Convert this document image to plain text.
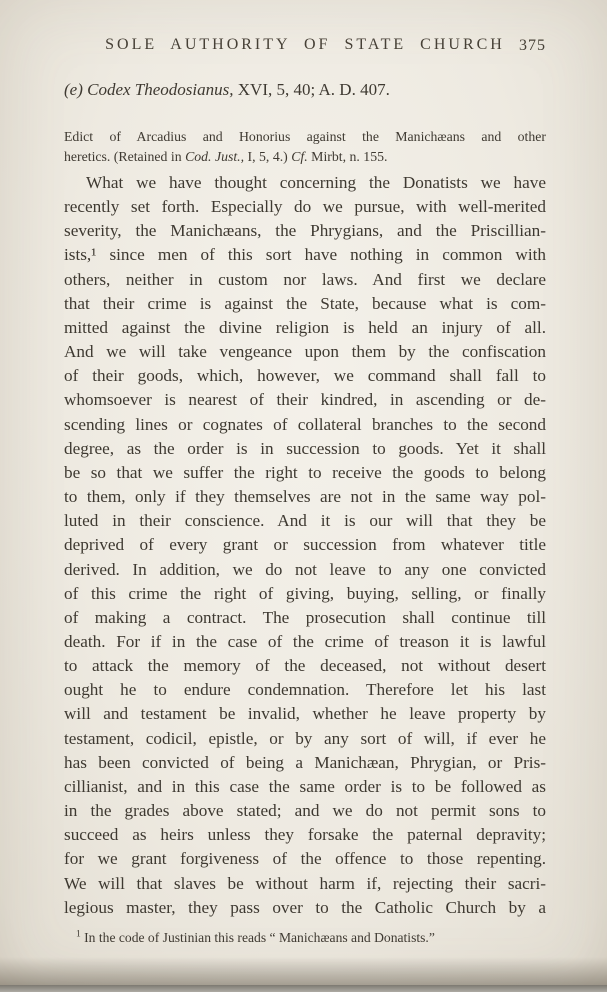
SOLE AUTHORITY OF STATE CHURCH 375
(e) Codex Theodosianus, XVI, 5, 40; A. D. 407.
Edict of Arcadius and Honorius against the Manichæans and other
heretics. (Retained in Cod. Just., I, 5, 4.) Cf. Mirbt, n. 155.
What we have thought concerning the Donatists we have
recently set forth. Especially do we pursue, with well-merited
severity, the Manichæans, the Phrygians, and the Priscillian-
ists,¹ since men of this sort have nothing in common with
others, neither in custom nor laws. And first we declare
that their crime is against the State, because what is com-
mitted against the divine religion is held an injury of all.
And we will take vengeance upon them by the confiscation
of their goods, which, however, we command shall fall to
whomsoever is nearest of their kindred, in ascending or de-
scending lines or cognates of collateral branches to the second
degree, as the order is in succession to goods. Yet it shall
be so that we suffer the right to receive the goods to belong
to them, only if they themselves are not in the same way pol-
luted in their conscience. And it is our will that they be
deprived of every grant or succession from whatever title
derived. In addition, we do not leave to any one convicted
of this crime the right of giving, buying, selling, or finally
of making a contract. The prosecution shall continue till
death. For if in the case of the crime of treason it is lawful
to attack the memory of the deceased, not without desert
ought he to endure condemnation. Therefore let his last
will and testament be invalid, whether he leave property by
testament, codicil, epistle, or by any sort of will, if ever he
has been convicted of being a Manichæan, Phrygian, or Pris-
cillianist, and in this case the same order is to be followed as
in the grades above stated; and we do not permit sons to
succeed as heirs unless they forsake the paternal depravity;
for we grant forgiveness of the offence to those repenting.
We will that slaves be without harm if, rejecting their sacri-
legious master, they pass over to the Catholic Church by a
$^1$ In the code of Justinian this reads “ Manichæans and Donatists.”
